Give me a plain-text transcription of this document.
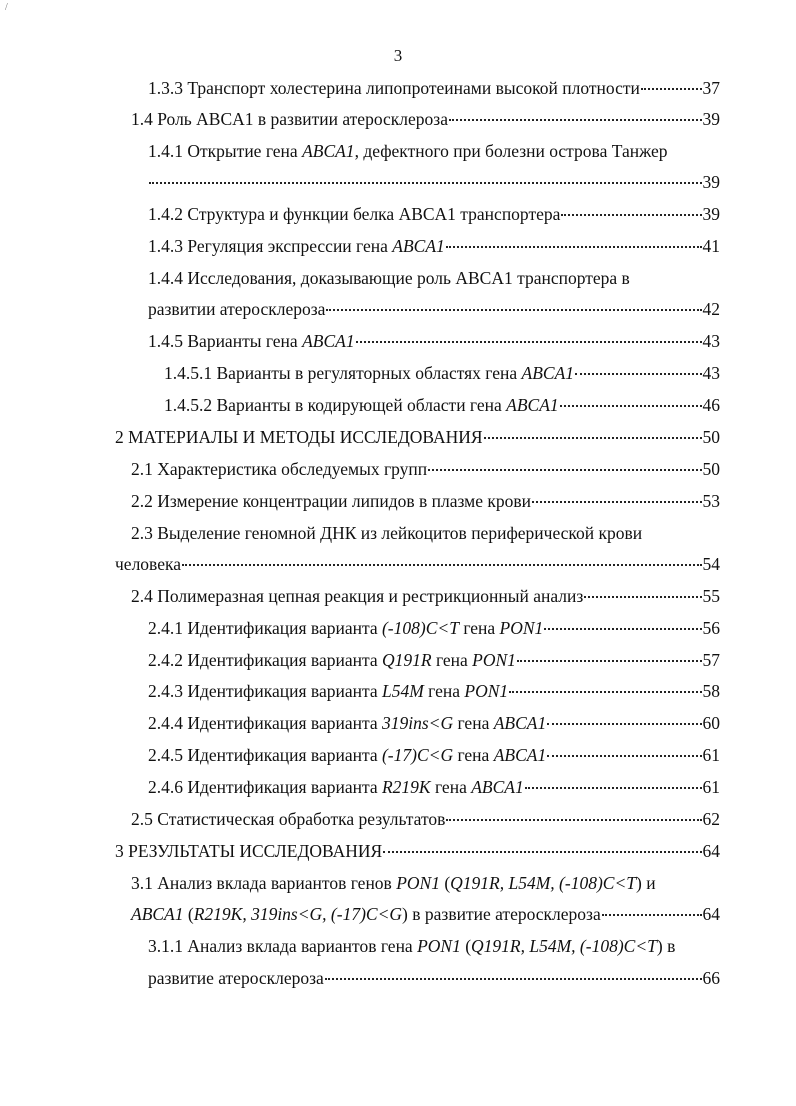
/
3
1.3.3 Транспорт холестерина липопротеинами высокой плотности	37
1.4 Роль ABCA1 в развитии атеросклероза	39
1.4.1 Открытие гена ABCA1, дефектного при болезни острова Танжер
39
1.4.2 Структура и функции белка ABCA1 транспортера	39
1.4.3 Регуляция экспрессии гена ABCA1	41
1.4.4 Исследования, доказывающие роль ABCA1 транспортера в
развитии атеросклероза	42
1.4.5 Варианты гена ABCA1	43
1.4.5.1 Варианты в регуляторных областях гена ABCA1	43
1.4.5.2 Варианты в кодирующей области гена ABCA1	46
2 МАТЕРИАЛЫ И МЕТОДЫ ИССЛЕДОВАНИЯ	50
2.1 Характеристика обследуемых групп	50
2.2 Измерение концентрации липидов в плазме крови	53
2.3 Выделение геномной ДНК из лейкоцитов периферической крови
человека	54
2.4 Полимеразная цепная реакция и рестрикционный анализ	55
2.4.1 Идентификация варианта (-108)C<T гена PON1	56
2.4.2 Идентификация варианта Q191R гена PON1	57
2.4.3 Идентификация варианта L54M гена PON1	58
2.4.4 Идентификация варианта 319ins<G гена ABCA1	60
2.4.5 Идентификация варианта (-17)C<G гена ABCA1	61
2.4.6 Идентификация варианта R219K гена ABCA1	61
2.5 Статистическая обработка результатов	62
3 РЕЗУЛЬТАТЫ ИССЛЕДОВАНИЯ	64
3.1 Анализ вклада вариантов генов PON1 (Q191R, L54M, (-108)C<T) и
ABCA1 (R219K, 319ins<G, (-17)C<G) в развитие атеросклероза	64
3.1.1 Анализ вклада вариантов гена PON1 (Q191R, L54M, (-108)C<T) в
развитие атеросклероза	66
